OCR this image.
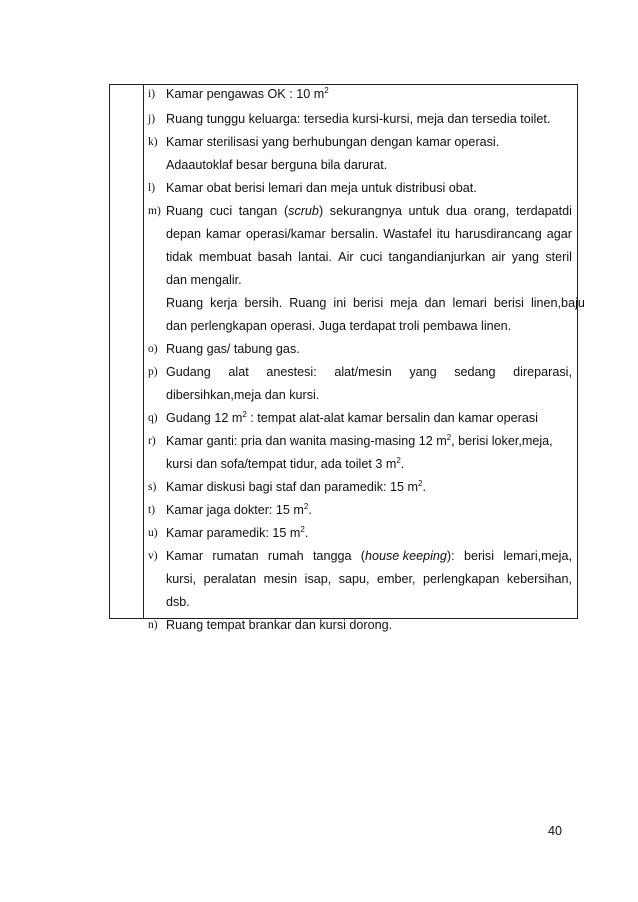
i) Kamar pengawas OK : 10 $m^2$
j) Ruang tunggu keluarga: tersedia kursi-kursi, meja dan tersedia toilet.
k) Kamar sterilisasi yang berhubungan dengan kamar operasi.
Adaautoklaf besar berguna bila darurat.
l) Kamar obat berisi lemari dan meja untuk distribusi obat.
m) Ruang cuci tangan (scrub) sekurangnya untuk dua orang, terdapatdi
depan kamar operasi/kamar bersalin. Wastafel itu harusdirancang agar
tidak membuat basah lantai. Air cuci tangandianjurkan air yang steril
dan mengalir.
Ruang kerja bersih. Ruang ini berisi meja dan lemari berisi linen,baju
dan perlengkapan operasi. Juga terdapat troli pembawa linen.
o) Ruang gas/ tabung gas.
p) Gudang alat anestesi: alat/mesin yang sedang direparasi,
dibersihkan,meja dan kursi.
q) Gudang 12 $m^2$ : tempat alat-alat kamar bersalin dan kamar operasi
r) Kamar ganti: pria dan wanita masing-masing 12 $m^2$, berisi loker,meja,
kursi dan sofa/tempat tidur, ada toilet 3 $m^2$.
s) Kamar diskusi bagi staf dan paramedik: 15 $m^2$.
t) Kamar jaga dokter: 15 $m^2$.
u) Kamar paramedik: 15 $m^2$.
v) Kamar rumatan rumah tangga (house keeping): berisi lemari,meja,
kursi, peralatan mesin isap, sapu, ember, perlengkapan kebersihan,
dsb.
n) Ruang tempat brankar dan kursi dorong.
40
